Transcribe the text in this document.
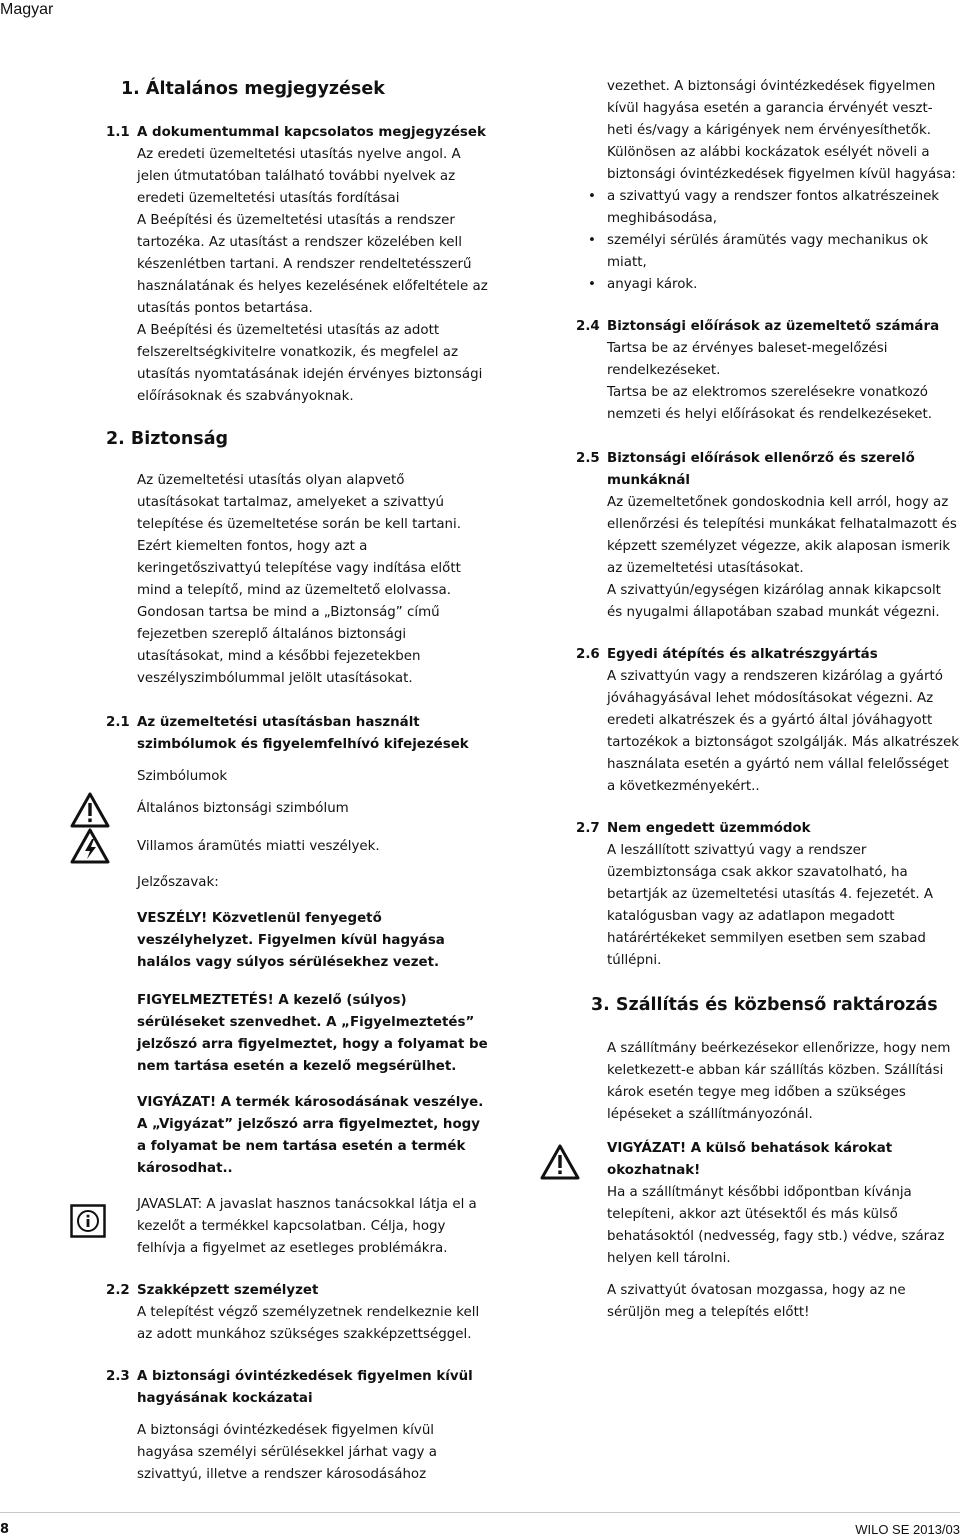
Magyar
1. Általános megjegyzések
1.1 A dokumentummal kapcsolatos megjegyzések

Az eredeti üzemeltetési utasítás nyelve angol. A jelen útmutatóban található további nyelvek az eredeti üzemeltetési utasítás fordításai

A Beépítési és üzemeltetési utasítás a rendszer tartozéka. Az utasítást a rendszer közelében kell készenlétben tartani. A rendszer rendeltetésszerű használatának és helyes kezelésének előfeltétele az utasítás pontos betartása.

A Beépítési és üzemeltetési utasítás az adott felszereltségkivitelre vonatkozik, és megfelel az utasítás nyomtatásának idején érvényes biztonsági előírásoknak és szabványoknak.

2. Biztonság

Az üzemeltetési utasítás olyan alapvető utasításokat tartalmaz, amelyeket a szivattyú telepítése és üzemeltetése során be kell tartani. Ezért kiemelten fontos, hogy azt a keringetőszivattyú telepítése vagy indítása előtt mind a telepítő, mind az üzemeltető elolvassa.

Gondosan tartsa be mind a „Biztonság” című fejezetben szereplő általános biztonsági utasításokat, mind a későbbi fejezetekben veszélyszimbólummal jelölt utasításokat.

2.1 Az üzemeltetési utasításban használt szimbólumok és figyelemfelhívó kifejezések

Szimbólumok

Általános biztonsági szimbólum

Villamos áramütés miatti veszélyek.

Jelzőszavak:

VESZÉLY! Közvetlenül fenyegető veszélyhelyzet. Figyelmen kívül hagyása halálos vagy súlyos sérülésekhez vezet.

FIGYELMEZTETÉS! A kezelő (súlyos) sérüléseket szenvedhet. A „Figyelmeztetés” jelzőszó arra figyelmeztet, hogy a folyamat be nem tartása esetén a kezelő megsérülhet.

VIGYÁZAT! A termék károsodásának veszélye. A „Vigyázat” jelzőszó arra figyelmeztet, hogy a folyamat be nem tartása esetén a termék károsodhat..

JAVASLAT: A javaslat hasznos tanácsokkal látja el a kezelőt a termékkel kapcsolatban. Célja, hogy felhívja a figyelmet az esetleges problémákra.

2.2 Szakképzett személyzet

A telepítést végző személyzetnek rendelkeznie kell az adott munkához szükséges szakképzettséggel.

2.3 A biztonsági óvintézkedések figyelmen kívül hagyásának kockázatai

A biztonsági óvintézkedések figyelmen kívül hagyása személyi sérülésekkel járhat vagy a szivattyú, illetve a rendszer károsodásához

vezethet. A biztonsági óvintézkedések figyelmen kívül hagyása esetén a garancia érvényét veszt- heti és/vagy a kárigények nem érvényesíthetők.

Különösen az alábbi kockázatok esélyét növeli a biztonsági óvintézkedések figyelmen kívül hagyása:

• a szivattyú vagy a rendszer fontos alkatrészeinek meghibásodása,
• személyi sérülés áramütés vagy mechanikus ok miatt,
• anyagi károk.
2.4 Biztonsági előírások az üzemeltető számára

Tartsa be az érvényes baleset-megelőzési rendelkezéseket.

Tartsa be az elektromos szerelésekre vonatkozó nemzeti és helyi előírásokat és rendelkezéseket.

2.5 Biztonsági előírások ellenőrző és szerelő munkáknál

Az üzemeltetőnek gondoskodnia kell arról, hogy az ellenőrzési és telepítési munkákat felhatalmazott és képzett személyzet végezze, akik alaposan ismerik az üzemeltetési utasításokat.

A szivattyún/egységen kizárólag annak kikapcsolt és nyugalmi állapotában szabad munkát végezni.

2.6 Egyedi átépítés és alkatrészgyártás

A szivattyún vagy a rendszeren kizárólag a gyártó jóváhagyásával lehet módosításokat végezni. Az eredeti alkatrészek és a gyártó által jóváhagyott tartozékok a biztonságot szolgálják. Más alkatrészek használata esetén a gyártó nem vállal felelősséget a következményekért..

2.7 Nem engedett üzemmódok

A leszállított szivattyú vagy a rendszer üzembiztonsága csak akkor szavatolható, ha betartják az üzemeltetési utasítás 4. fejezetét. A katalógusban vagy az adatlapon megadott határértékeket semmilyen esetben sem szabad túllépni.

3. Szállítás és közbenső raktározás

A szállítmány beérkezésekor ellenőrizze, hogy nem keletkezett-e abban kár szállítás közben. Szállítási károk esetén tegye meg időben a szükséges lépéseket a szállítmányozónál.

VIGYÁZAT! A külső behatások károkat okozhatnak!

Ha a szállítmányt későbbi időpontban kívánja telepíteni, akkor azt ütésektől és más külső behatásoktól (nedvesség, fagy stb.) védve, száraz helyen kell tárolni.

A szivattyút óvatosan mozgassa, hogy az ne sérüljön meg a telepítés előtt!

8	WILO SE 2013/03
